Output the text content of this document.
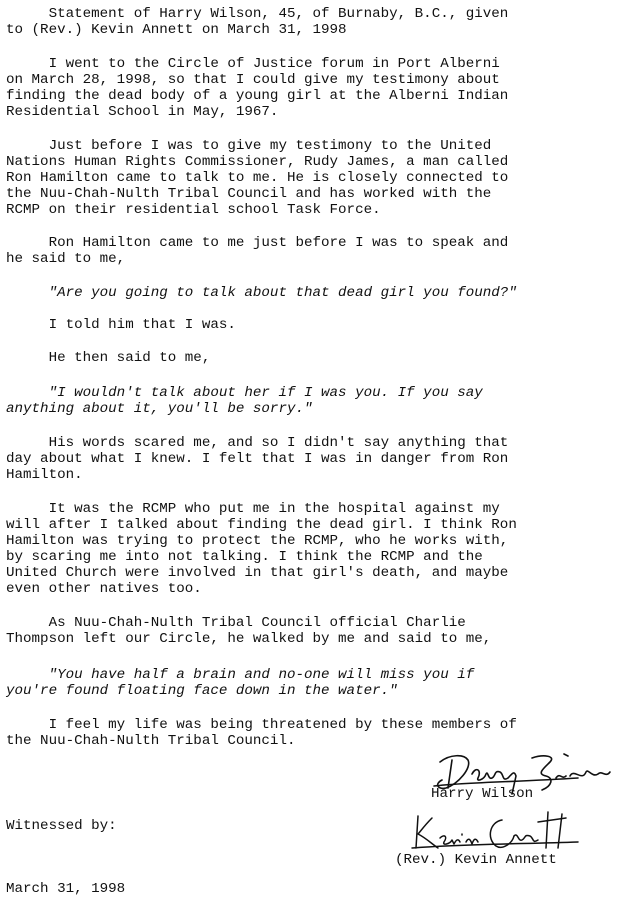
Statement of Harry Wilson, 45, of Burnaby, B.C., given
to (Rev.) Kevin Annett on March 31, 1998
I went to the Circle of Justice forum in Port Alberni
on March 28, 1998, so that I could give my testimony about
finding the dead body of a young girl at the Alberni Indian
Residential School in May, 1967.
Just before I was to give my testimony to the United
Nations Human Rights Commissioner, Rudy James, a man called
Ron Hamilton came to talk to me. He is closely connected to
the Nuu-Chah-Nulth Tribal Council and has worked with the
RCMP on their residential school Task Force.
Ron Hamilton came to me just before I was to speak and
he said to me,
"Are you going to talk about that dead girl you found?"
I told him that I was.
He then said to me,
"I wouldn't talk about her if I was you. If you say
anything about it, you'll be sorry."
His words scared me, and so I didn't say anything that
day about what I knew. I felt that I was in danger from Ron
Hamilton.
It was the RCMP who put me in the hospital against my
will after I talked about finding the dead girl. I think Ron
Hamilton was trying to protect the RCMP, who he works with,
by scaring me into not talking. I think the RCMP and the
United Church were involved in that girl's death, and maybe
even other natives too.
As Nuu-Chah-Nulth Tribal Council official Charlie
Thompson left our Circle, he walked by me and said to me,
"You have half a brain and no-one will miss you if
you're found floating face down in the water."
I feel my life was being threatened by these members of
the Nuu-Chah-Nulth Tribal Council.
Harry Wilson
Witnessed by:
(Rev.) Kevin Annett
March 31, 1998
